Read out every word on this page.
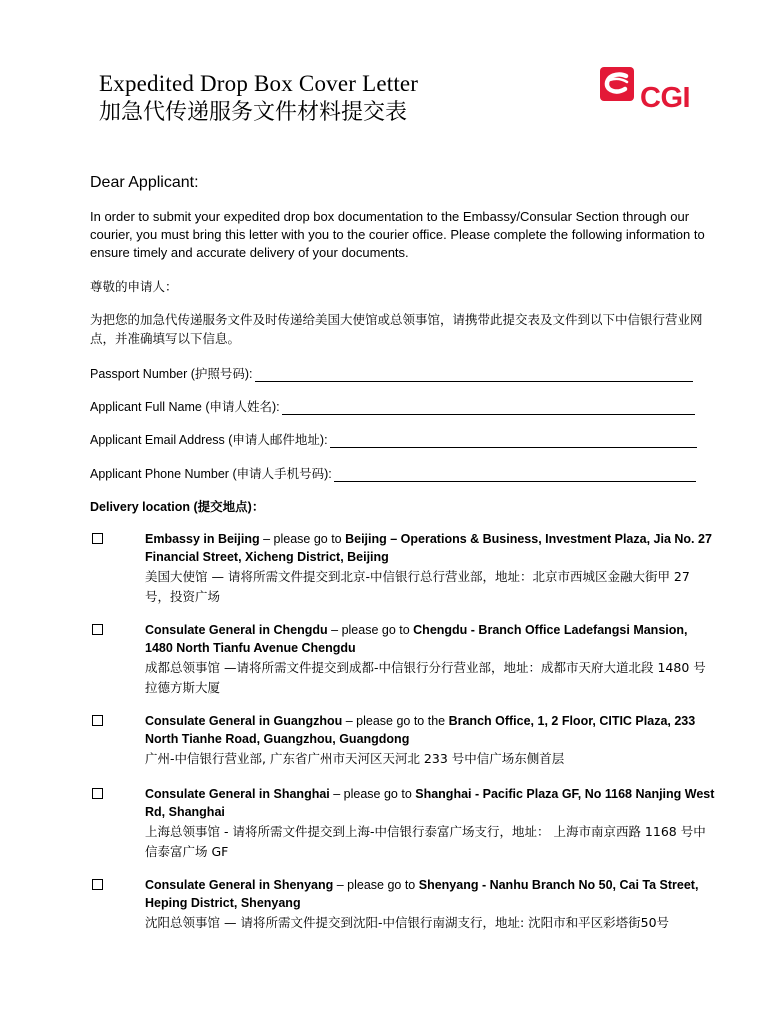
Expedited Drop Box Cover Letter
加急代传递服务文件材料提交表	CGI

Dear Applicant:

In order to submit your expedited drop box documentation to the Embassy/Consular Section through our courier, you must bring this letter with you to the courier office. Please complete the following information to ensure timely and accurate delivery of your documents.

尊敬的申请人：

为把您的加急代传递服务文件及时传递给美国大使馆或总领事馆，请携带此提交表及文件到以下中信银行营业网点，并准确填写以下信息。

Passport Number (护照号码):
Applicant Full Name (申请人姓名):
Applicant Email Address (申请人邮件地址):
Applicant Phone Number (申请人手机号码):

Delivery location (提交地点)：

Embassy in Beijing – please go to Beijing – Operations & Business, Investment Plaza, Jia No. 27 Financial Street, Xicheng District, Beijing
美国大使馆 — 请将所需文件提交到北京-中信银行总行营业部，地址：北京市西城区金融大街甲 27 号，投资广场
Consulate General in Chengdu – please go to Chengdu - Branch Office Ladefangsi Mansion, 1480 North Tianfu Avenue Chengdu
成都总领事馆 —请将所需文件提交到成都-中信银行分行营业部，地址：成都市天府大道北段 1480 号拉德方斯大厦
Consulate General in Guangzhou – please go to the Branch Office, 1, 2 Floor, CITIC Plaza, 233 North Tianhe Road, Guangzhou, Guangdong
广州-中信银行营业部, 广东省广州市天河区天河北 233 号中信广场东侧首层
Consulate General in Shanghai – please go to Shanghai - Pacific Plaza GF, No 1168 Nanjing West Rd, Shanghai
上海总领事馆 - 请将所需文件提交到上海-中信银行泰富广场支行，地址： 上海市南京西路 1168 号中信泰富广场 GF
Consulate General in Shenyang – please go to Shenyang - Nanhu Branch No 50, Cai Ta Street, Heping District, Shenyang
沈阳总领事馆 — 请将所需文件提交到沈阳-中信银行南湖支行，地址: 沈阳市和平区彩塔街50号
